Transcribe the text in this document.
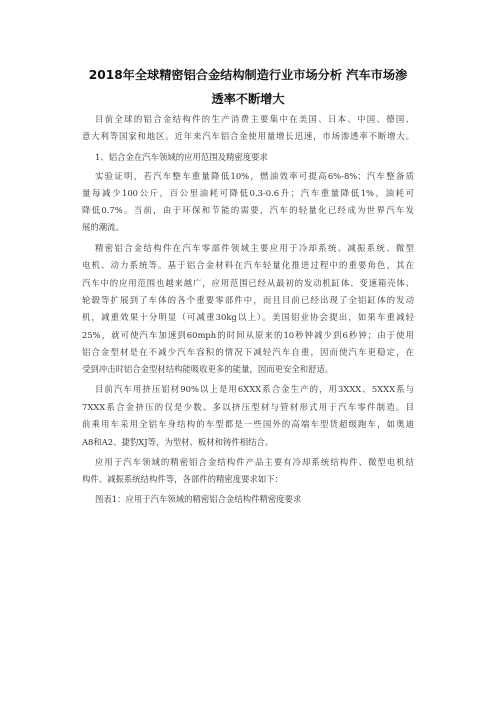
2018年全球精密铝合金结构制造行业市场分析 汽车市场渗
透率不断增大
目前全球的铝合金结构件的生产消费主要集中在美国、日本、中国、德国、
意大利等国家和地区。近年来汽车铝合金使用量增长迅速，市场渗透率不断增大。
1、铝合金在汽车领域的应用范围及精密度要求
实验证明，若汽车整车重量降低10%，燃油效率可提高6%-8%；汽车整备质
量每减少100公斤，百公里油耗可降低0.3-0.6升；汽车重量降低1%，油耗可
降低0.7%。当前，由于环保和节能的需要，汽车的轻量化已经成为世界汽车发
展的潮流。
精密铝合金结构件在汽车零部件领域主要应用于冷却系统、减振系统、微型
电机、动力系统等。基于铝合金材料在汽车轻量化推进过程中的重要角色，其在
汽车中的应用范围也越来越广，应用范围已经从最初的发动机缸体、变速箱壳体、
轮毂等扩展到了车体的各个重要零部件中，而且目前已经出现了全铝缸体的发动
机，减重效果十分明显（可减重30kg以上）。美国铝业协会提出，如果车重减轻
25%，就可使汽车加速到60mph的时间从原来的10秒钟减少到6秒钟；由于使用
铝合金型材是在不减少汽车容积的情况下减轻汽车自重，因而使汽车更稳定，在
受到冲击时铝合金型材结构能吸收更多的能量，因而更安全和舒适。
目前汽车用挤压铝材90%以上是用6XXX系合金生产的，用3XXX、5XXX系与
7XXX系合金挤压的仅是少数。多以挤压型材与管材形式用于汽车零件制造。目
前乘用车采用全铝车身结构的车型都是一些国外的高端车型货超级跑车，如奥迪
A8和A2、捷豹XJ等，为型材、板材和铸件相结合。
应用于汽车领域的精密铝合金结构件产品主要有冷却系统结构件、微型电机结
构件、减振系统结构件等，各部件的精密度要求如下：
图表1：应用于汽车领域的精密铝合金结构件精密度要求
